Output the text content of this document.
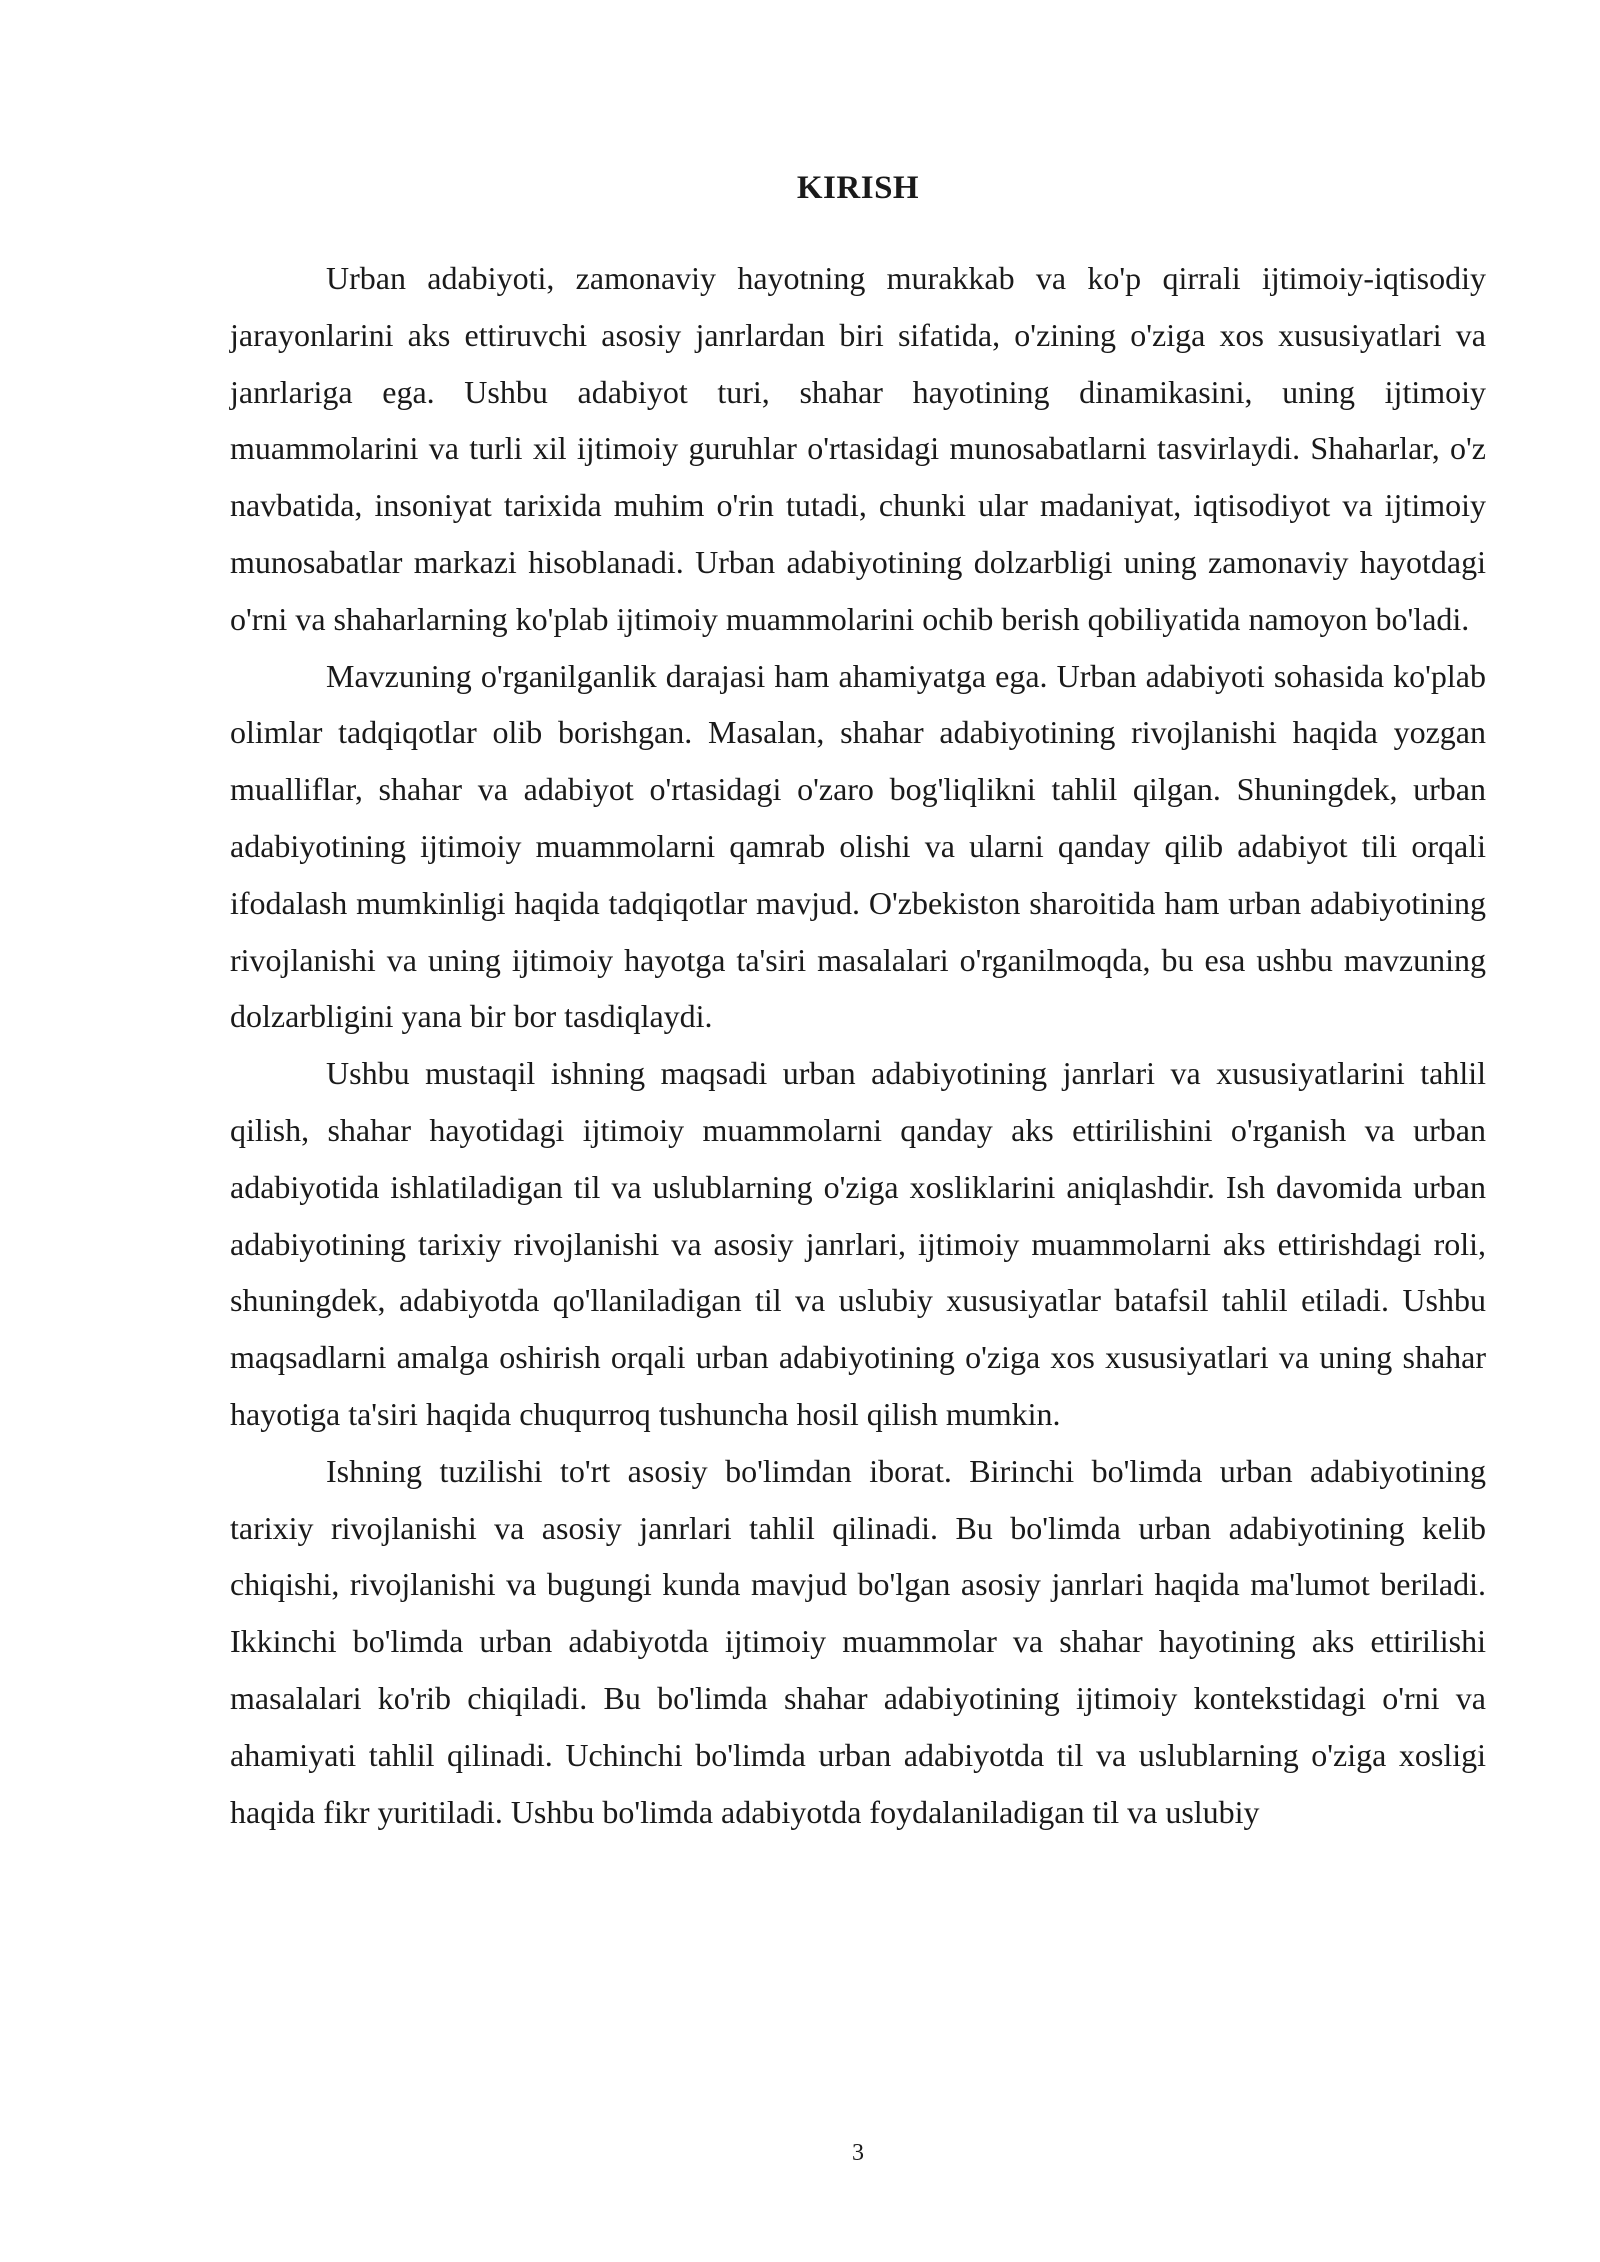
KIRISH

Urban adabiyoti, zamonaviy hayotning murakkab va ko'p qirrali ijtimoiy-iqtisodiy jarayonlarini aks ettiruvchi asosiy janrlardan biri sifatida, o'zining o'ziga xos xususiyatlari va janrlariga ega. Ushbu adabiyot turi, shahar hayotining dinamikasini, uning ijtimoiy muammolarini va turli xil ijtimoiy guruhlar o'rtasidagi munosabatlarni tasvirlaydi. Shaharlar, o'z navbatida, insoniyat tarixida muhim o'rin tutadi, chunki ular madaniyat, iqtisodiyot va ijtimoiy munosabatlar markazi hisoblanadi. Urban adabiyotining dolzarbligi uning zamonaviy hayotdagi o'rni va shaharlarning ko'plab ijtimoiy muammolarini ochib berish qobiliyatida namoyon bo'ladi.

Mavzuning o'rganilganlik darajasi ham ahamiyatga ega. Urban adabiyoti sohasida ko'plab olimlar tadqiqotlar olib borishgan. Masalan, shahar adabiyotining rivojlanishi haqida yozgan mualliflar, shahar va adabiyot o'rtasidagi o'zaro bog'liqlikni tahlil qilgan. Shuningdek, urban adabiyotining ijtimoiy muammolarni qamrab olishi va ularni qanday qilib adabiyot tili orqali ifodalash mumkinligi haqida tadqiqotlar mavjud. O'zbekiston sharoitida ham urban adabiyotining rivojlanishi va uning ijtimoiy hayotga ta'siri masalalari o'rganilmoqda, bu esa ushbu mavzuning dolzarbligini yana bir bor tasdiqlaydi.

Ushbu mustaqil ishning maqsadi urban adabiyotining janrlari va xususiyatlarini tahlil qilish, shahar hayotidagi ijtimoiy muammolarni qanday aks ettirilishini o'rganish va urban adabiyotida ishlatiladigan til va uslublarning o'ziga xosliklarini aniqlashdir. Ish davomida urban adabiyotining tarixiy rivojlanishi va asosiy janrlari, ijtimoiy muammolarni aks ettirishdagi roli, shuningdek, adabiyotda qo'llaniladigan til va uslubiy xususiyatlar batafsil tahlil etiladi. Ushbu maqsadlarni amalga oshirish orqali urban adabiyotining o'ziga xos xususiyatlari va uning shahar hayotiga ta'siri haqida chuqurroq tushuncha hosil qilish mumkin.

Ishning tuzilishi to'rt asosiy bo'limdan iborat. Birinchi bo'limda urban adabiyotining tarixiy rivojlanishi va asosiy janrlari tahlil qilinadi. Bu bo'limda urban adabiyotining kelib chiqishi, rivojlanishi va bugungi kunda mavjud bo'lgan asosiy janrlari haqida ma'lumot beriladi. Ikkinchi bo'limda urban adabiyotda ijtimoiy muammolar va shahar hayotining aks ettirilishi masalalari ko'rib chiqiladi. Bu bo'limda shahar adabiyotining ijtimoiy kontekstidagi o'rni va ahamiyati tahlil qilinadi. Uchinchi bo'limda urban adabiyotda til va uslublarning o'ziga xosligi haqida fikr yuritiladi. Ushbu bo'limda adabiyotda foydalaniladigan til va uslubiy

3
